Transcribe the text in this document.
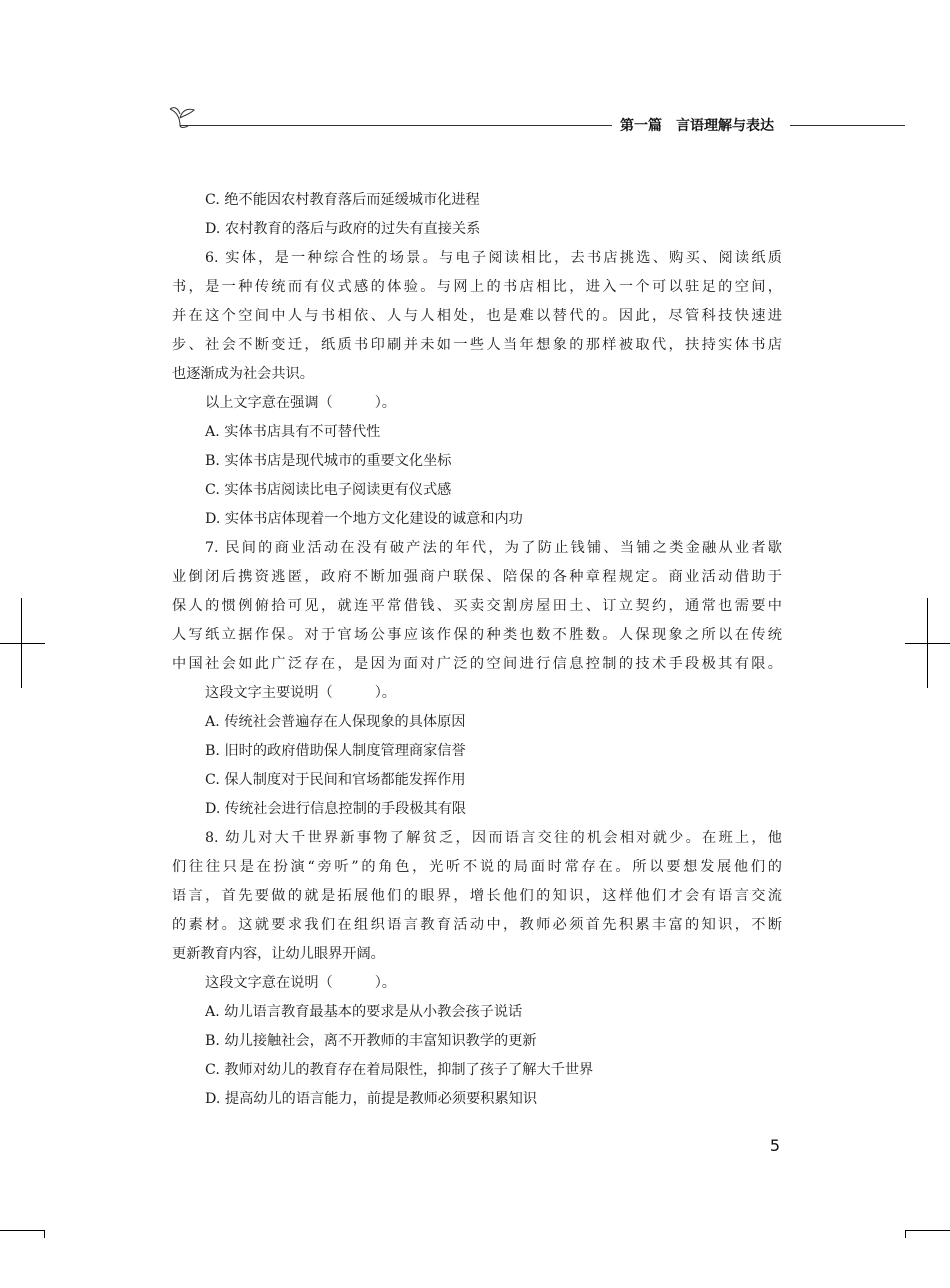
第一篇　言语理解与表达

C. 绝不能因农村教育落后而延缓城市化进程

D. 农村教育的落后与政府的过失有直接关系

6. 实体，是一种综合性的场景。与电子阅读相比，去书店挑选、购买、阅读纸质

书，是一种传统而有仪式感的体验。与网上的书店相比，进入一个可以驻足的空间，

并在这个空间中人与书相依、人与人相处，也是难以替代的。因此，尽管科技快速进

步、社会不断变迁，纸质书印刷并未如一些人当年想象的那样被取代，扶持实体书店

也逐渐成为社会共识。

以上文字意在强调（	）。

A. 实体书店具有不可替代性

B. 实体书店是现代城市的重要文化坐标

C. 实体书店阅读比电子阅读更有仪式感

D. 实体书店体现着一个地方文化建设的诚意和内功

7. 民间的商业活动在没有破产法的年代，为了防止钱铺、当铺之类金融从业者歇

业倒闭后携资逃匿，政府不断加强商户联保、陪保的各种章程规定。商业活动借助于

保人的惯例俯拾可见，就连平常借钱、买卖交割房屋田土、订立契约，通常也需要中

人写纸立据作保。对于官场公事应该作保的种类也数不胜数。人保现象之所以在传统

中国社会如此广泛存在，是因为面对广泛的空间进行信息控制的技术手段极其有限。

这段文字主要说明（	）。

A. 传统社会普遍存在人保现象的具体原因

B. 旧时的政府借助保人制度管理商家信誉

C. 保人制度对于民间和官场都能发挥作用

D. 传统社会进行信息控制的手段极其有限

8. 幼儿对大千世界新事物了解贫乏，因而语言交往的机会相对就少。在班上，他

们往往只是在扮演“旁听”的角色，光听不说的局面时常存在。所以要想发展他们的

语言，首先要做的就是拓展他们的眼界，增长他们的知识，这样他们才会有语言交流

的素材。这就要求我们在组织语言教育活动中，教师必须首先积累丰富的知识，不断

更新教育内容，让幼儿眼界开阔。

这段文字意在说明（	）。

A. 幼儿语言教育最基本的要求是从小教会孩子说话

B. 幼儿接触社会，离不开教师的丰富知识教学的更新

C. 教师对幼儿的教育存在着局限性，抑制了孩子了解大千世界

D. 提高幼儿的语言能力，前提是教师必须要积累知识

5
